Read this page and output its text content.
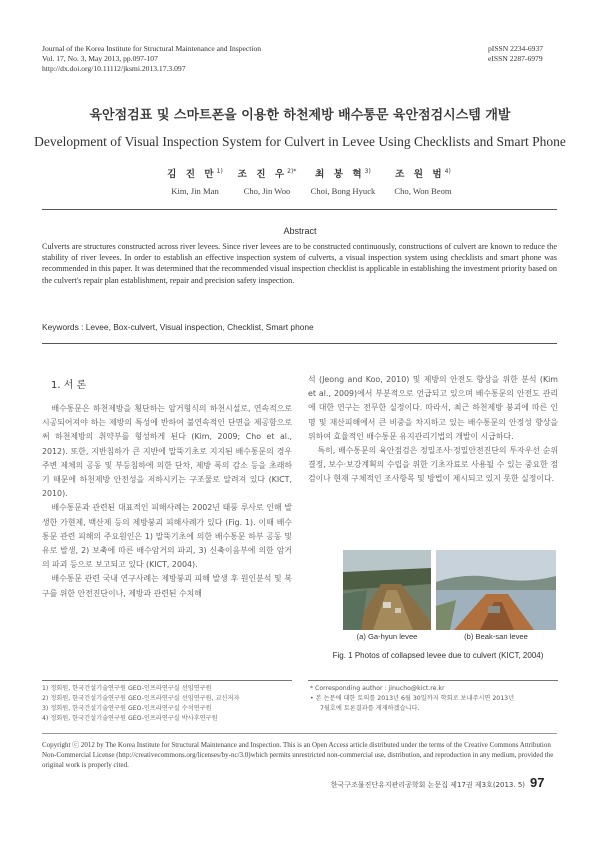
Journal of the Korea Institute for Structural Maintenance and Inspection
Vol. 17, No. 3, May 2013, pp.097-107
http://dx.doi.org/10.11112/jksmi.2013.17.3.097
pISSN 2234-6937
eISSN 2287-6979
육안점검표 및 스마트폰을 이용한 하천제방 배수통문 육안점검시스템 개발
Development of Visual Inspection System for Culvert in Levee Using Checklists and Smart Phone
김 진 만$^{1)}$
Kim, Jin Man
조 진 우$^{2)*}$
Cho, Jin Woo
최 봉 혁$^{3)}$
Choi, Bong Hyuck
조 원 범$^{4)}$
Cho, Won Beom
Abstract
Culverts are structures constructed across river levees. Since river levees are to be constructed continuously, constructions of culvert are known to reduce the stability of river levees. In order to establish an effective inspection system of culverts, a visual inspection system using checklists and smart phone was recommended in this paper. It was determined that the recommended visual inspection checklist is applicable in establishing the investment priority based on the culvert's repair plan establishment, repair and precision safety inspection.
Keywords : Levee, Box-culvert, Visual inspection, Checklist, Smart phone
1. 서 론

배수통문은 하천제방을 횡단하는 암거형식의 하천시설로, 연속적으로 시공되어져야 하는 제방의 특성에 반하여 불연속적인 단면을 제공함으로써 하천제방의 취약부를 형성하게 된다 (Kim, 2009; Cho et al., 2012). 또한, 지반침하가 큰 지반에 말뚝기초로 지지된 배수통문의 경우 주변 제체의 공동 및 부등침하에 의한 단차, 제방 폭의 감소 등을 초래하기 때문에 하천제방 안전성을 저하시키는 구조물로 알려져 있다 (KICT, 2010).

배수통문과 관련된 대표적인 피해사례는 2002년 태풍 루사로 인해 발생한 가현제, 백산제 등의 제방붕괴 피해사례가 있다 (Fig. 1). 이때 배수통문 관련 피해의 주요원인은 1) 말뚝기초에 의한 배수통문 하부 공동 및 유로 발생, 2) 보축에 따른 배수암거의 파괴, 3) 신축이음부에 의한 암거의 파괴 등으로 보고되고 있다 (KICT, 2004).

배수통문 관련 국내 연구사례는 제방붕괴 피해 발생 후 원인분석 및 복구를 위한 안전진단이나, 제방과 관련된 수치해

석 (Jeong and Koo, 2010) 및 제방의 안전도 향상을 위한 분석 (Kim et al., 2009)에서 부분적으로 언급되고 있으며 배수통문의 안전도 관리에 대한 연구는 전무한 실정이다. 따라서, 최근 하천제방 붕괴에 따른 인명 및 재산피해에서 큰 비중을 차지하고 있는 배수통문의 안정성 향상을 위하여 효율적인 배수통문 유지관리기법의 개발이 시급하다.

특히, 배수통문의 육안점검은 정밀조사·정밀안전진단의 투자우선 순위 결정, 보수·보강계획의 수립을 위한 기초자료로 사용될 수 있는 중요한 점검이나 현재 구체적인 조사항목 및 방법이 제시되고 있지 못한 실정이다.

(a) Ga-hyun levee	(b) Beak-san levee
Fig. 1 Photos of collapsed levee due to culvert (KICT, 2004)
1) 정회원, 한국건설기술연구원 GEO-인프라연구실 선임연구원
2) 정회원, 한국건설기술연구원 GEO-인프라연구실 선임연구원, 교신저자
3) 정회원, 한국건설기술연구원 GEO-인프라연구실 수석연구원
4) 정회원, 한국건설기술연구원 GEO-인프라연구실 박사후연구원
* Corresponding author : jinucho@kict.re.kr
• 본 논문에 대한 토의를 2013년 6월 30일까지 학회로 보내주시면 2013년
7월호에 토론결과를 게재하겠습니다.
Copyright ⓒ 2012 by The Korea Institute for Structural Maintenance and Inspection. This is an Open Access article distributed under the terms of the Creative Commons Attribution Non-Commercial License (http://creativecommons.org/licenses/by-nc/3.0)which permits unrestricted non-commercial use, distribution, and reproduction in any medium, provided the original work is properly cited.
한국구조물진단유지관리공학회 논문집 제17권 제3호(2013. 5) 97
